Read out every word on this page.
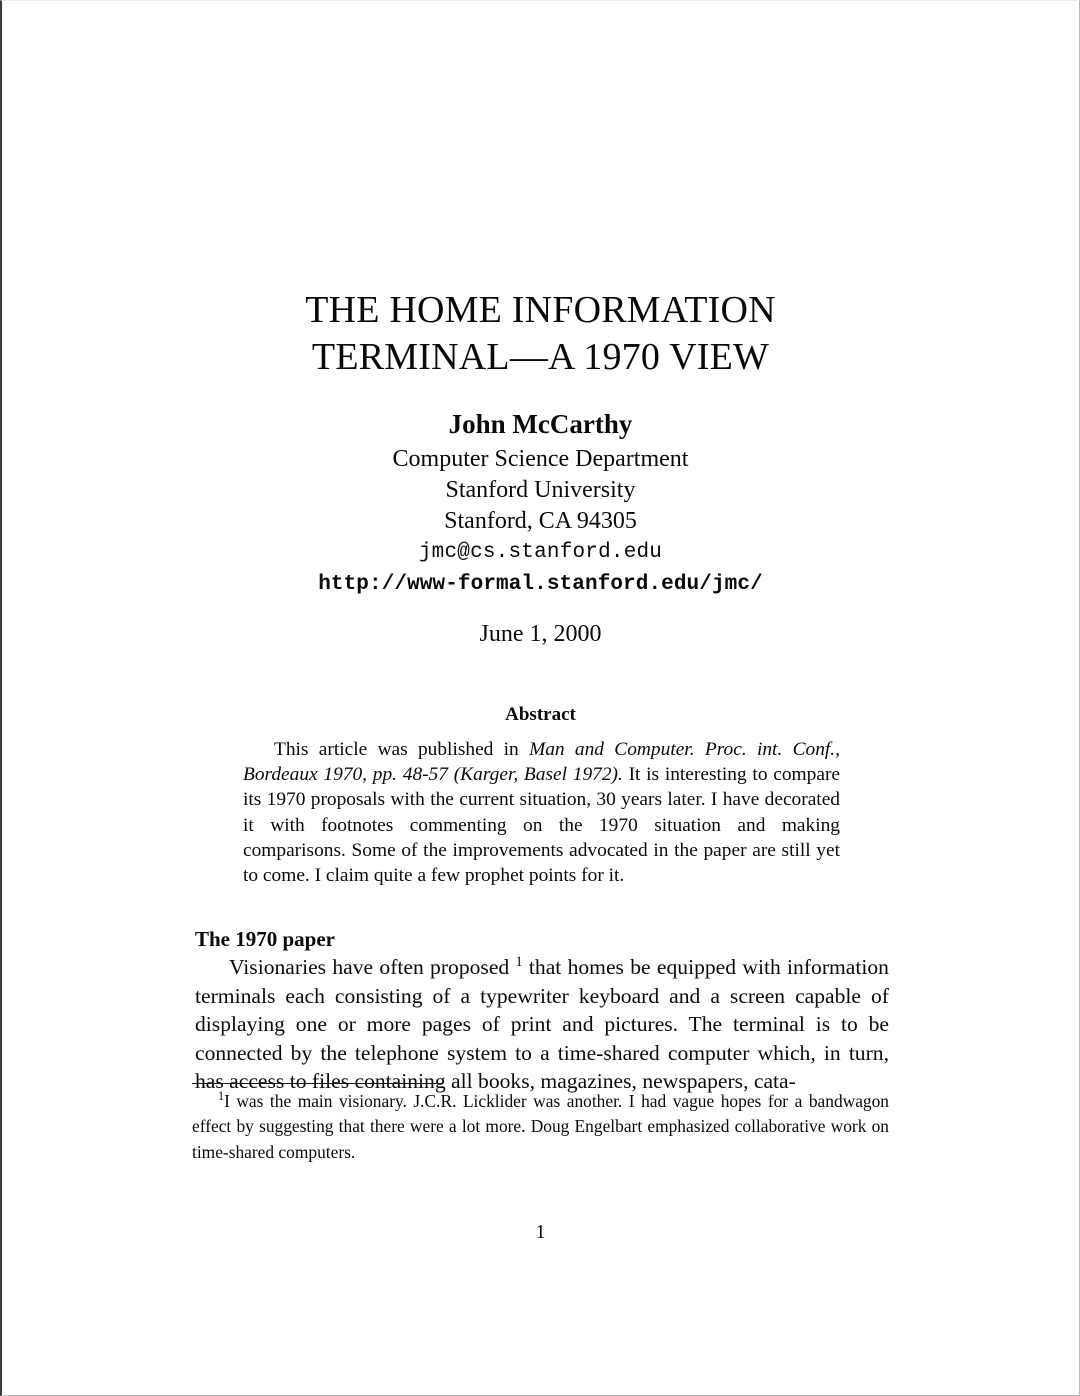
THE HOME INFORMATION
TERMINAL—A 1970 VIEW
John McCarthy
Computer Science Department
Stanford University
Stanford, CA 94305
jmc@cs.stanford.edu
http://www-formal.stanford.edu/jmc/
June 1, 2000
Abstract
This article was published in Man and Computer. Proc. int. Conf., Bordeaux 1970, pp. 48-57 (Karger, Basel 1972). It is interesting to compare its 1970 proposals with the current situation, 30 years later. I have decorated it with footnotes commenting on the 1970 situation and making comparisons. Some of the improvements advocated in the paper are still yet to come. I claim quite a few prophet points for it.
The 1970 paper
Visionaries have often proposed $^1$ that homes be equipped with information terminals each consisting of a typewriter keyboard and a screen capable of displaying one or more pages of print and pictures. The terminal is to be connected by the telephone system to a time-shared computer which, in turn, has access to files containing all books, magazines, newspapers, cata-
$^1$I was the main visionary. J.C.R. Licklider was another. I had vague hopes for a bandwagon effect by suggesting that there were a lot more. Doug Engelbart emphasized collaborative work on time-shared computers.
1
